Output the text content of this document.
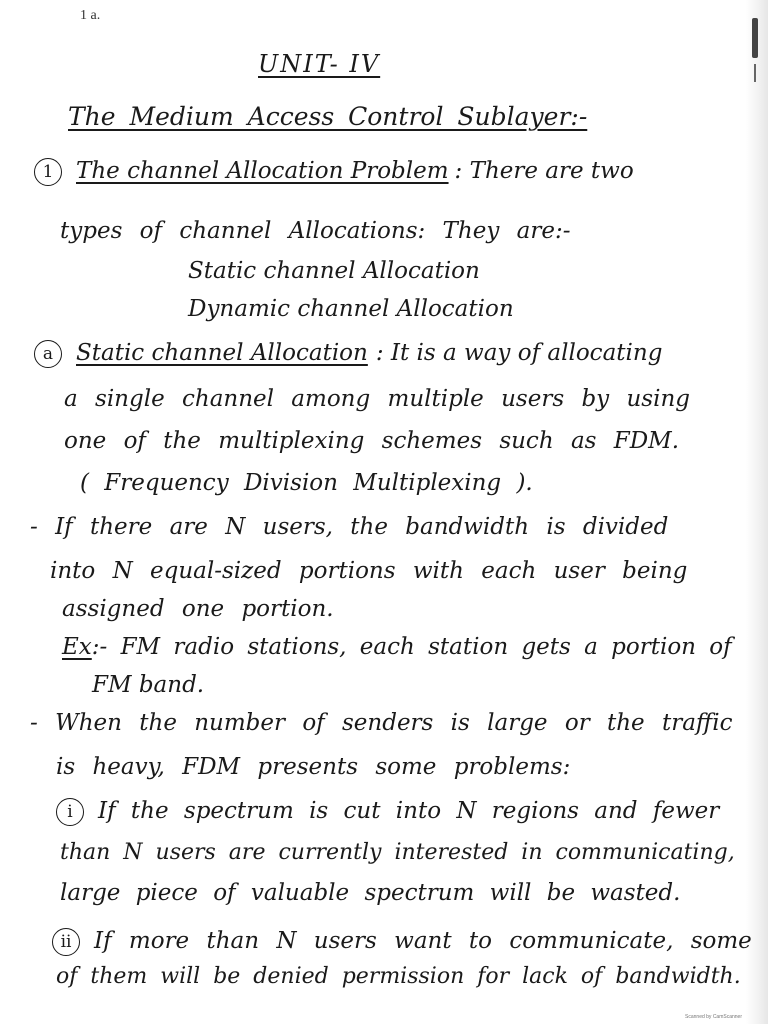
1 a.
UNIT- IV
The Medium Access Control Sublayer:-
1 The channel Allocation Problem : There are two
types of channel Allocations: They are:-
Static channel Allocation
Dynamic channel Allocation
a Static channel Allocation : It is a way of allocating
a single channel among multiple users by using
one of the multiplexing schemes such as FDM.
( Frequency Division Multiplexing ).
- If there are N users, the bandwidth is divided
into N equal-sized portions with each user being
assigned one portion.
Ex:- FM radio stations, each station gets a portion of
FM band.
- When the number of senders is large or the traffic
is heavy, FDM presents some problems:
i If the spectrum is cut into N regions and fewer
than N users are currently interested in communicating,
large piece of valuable spectrum will be wasted.
ii If more than N users want to communicate, some
of them will be denied permission for lack of bandwidth.
Scanned by CamScanner
